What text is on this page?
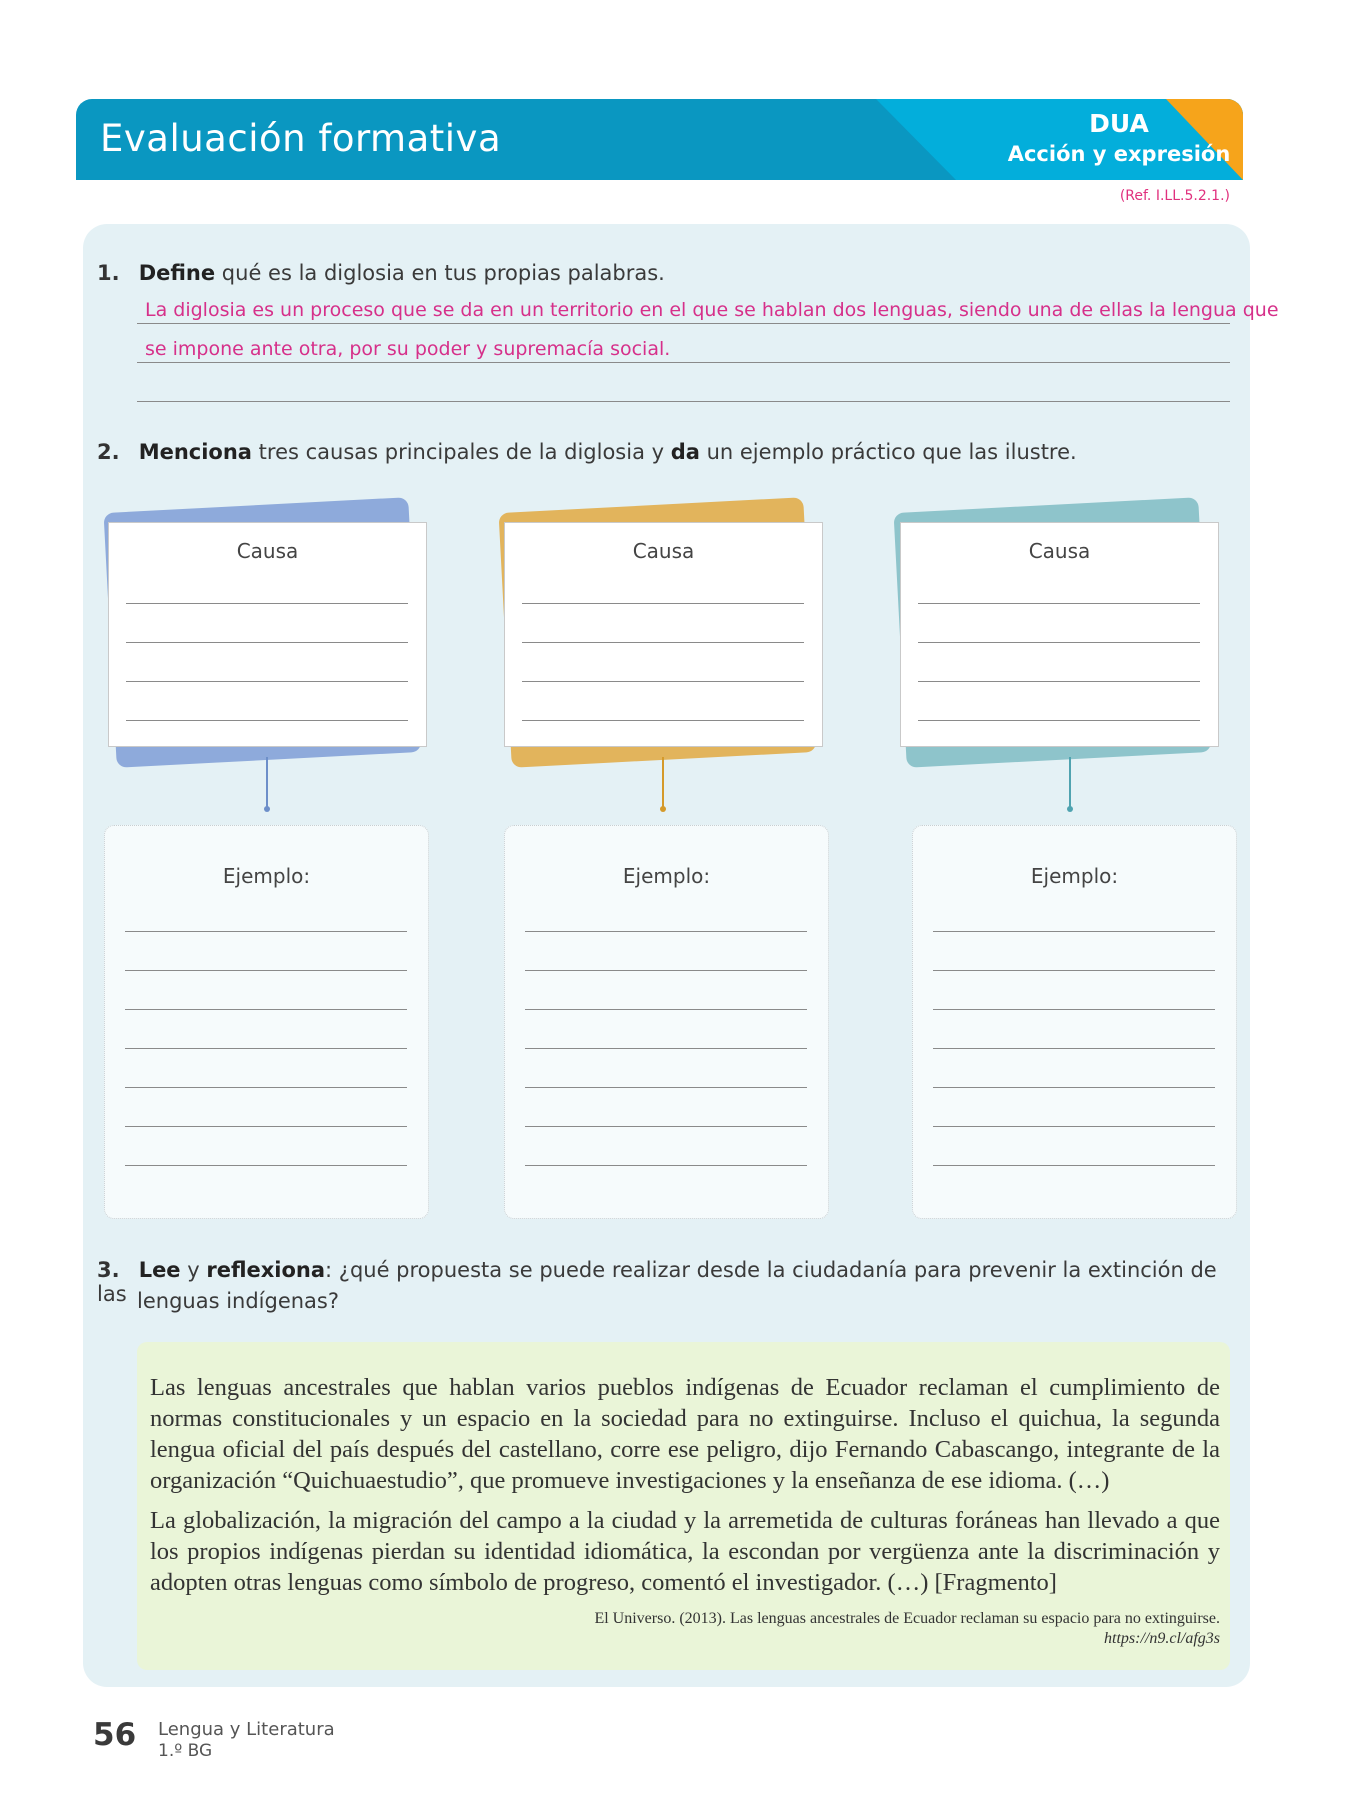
Evaluación formativa	DUA
Acción y expresión
(Ref. I.LL.5.2.1.)
1. Define qué es la diglosia en tus propias palabras.
La diglosia es un proceso que se da en un territorio en el que se hablan dos lenguas, siendo una de ellas la lengua que
se impone ante otra, por su poder y supremacía social.
2. Menciona tres causas principales de la diglosia y da un ejemplo práctico que las ilustre.
Causa	Causa	Causa
Ejemplo:	Ejemplo:	Ejemplo:
3. Lee y reflexiona: ¿qué propuesta se puede realizar desde la ciudadanía para prevenir la extinción de las lenguas indígenas?
Las lenguas ancestrales que hablan varios pueblos indígenas de Ecuador reclaman el cumplimiento de normas constitucionales y un espacio en la sociedad para no extinguirse. Incluso el quichua, la segunda lengua oficial del país después del castellano, corre ese peligro, dijo Fernando Cabascango, integrante de la organización “Quichuaestudio”, que promueve investigaciones y la enseñanza de ese idioma. (…)
La globalización, la migración del campo a la ciudad y la arremetida de culturas foráneas han llevado a que los propios indígenas pierdan su identidad idiomática, la escondan por vergüenza ante la discriminación y adopten otras lenguas como símbolo de progreso, comentó el investigador. (…) [Fragmento]
El Universo. (2013). Las lenguas ancestrales de Ecuador reclaman su espacio para no extinguirse.
https://n9.cl/afg3s
56 Lengua y Literatura
1.º BG
